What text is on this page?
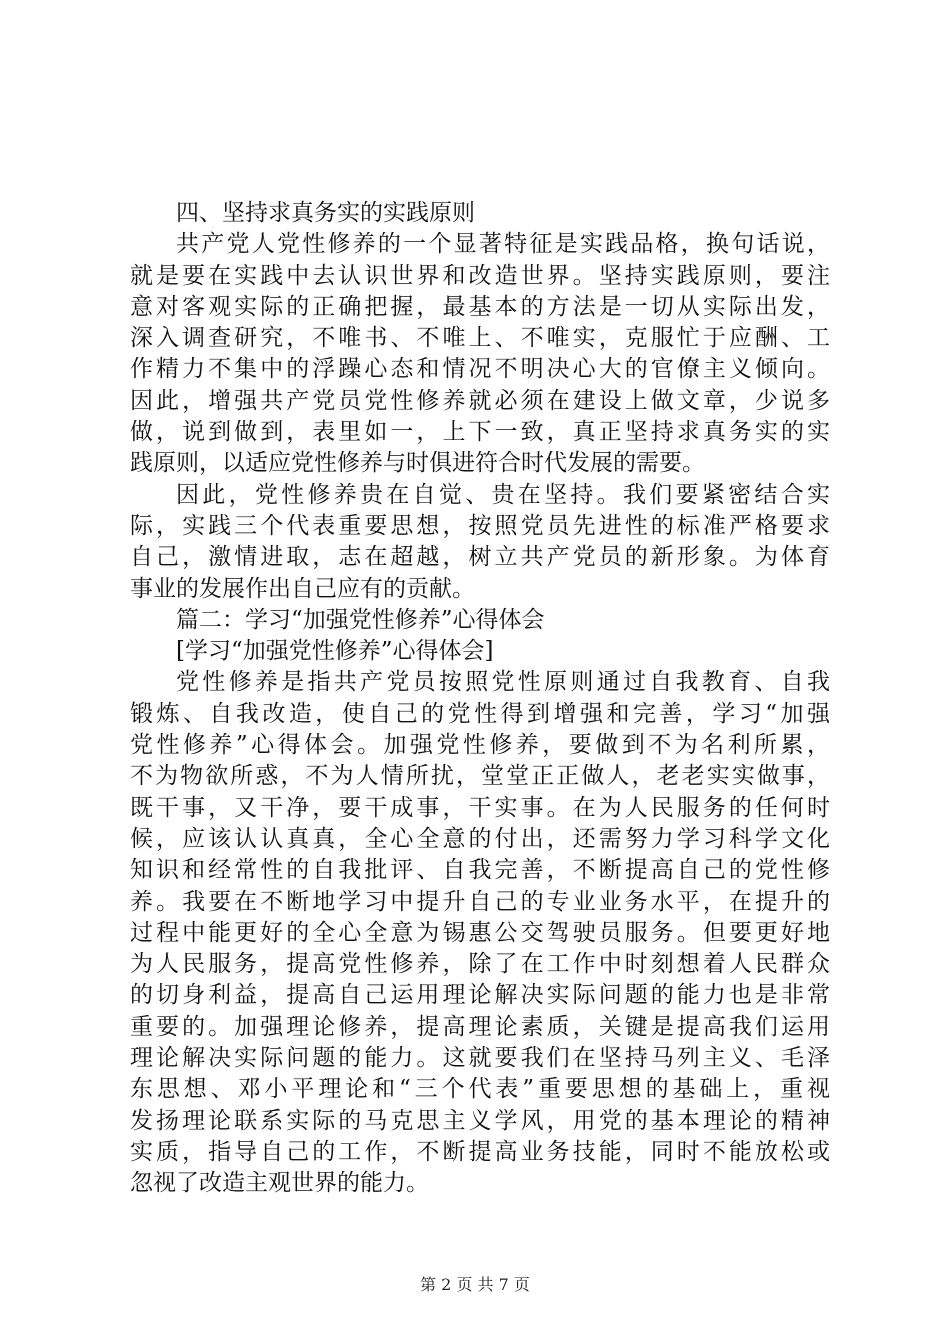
四、坚持求真务实的实践原则
共产党人党性修养的一个显著特征是实践品格，换句话说，
就是要在实践中去认识世界和改造世界。坚持实践原则，要注
意对客观实际的正确把握，最基本的方法是一切从实际出发，
深入调查研究，不唯书、不唯上、不唯实，克服忙于应酬、工
作精力不集中的浮躁心态和情况不明决心大的官僚主义倾向。
因此，增强共产党员党性修养就必须在建设上做文章，少说多
做，说到做到，表里如一，上下一致，真正坚持求真务实的实
践原则，以适应党性修养与时俱进符合时代发展的需要。
因此，党性修养贵在自觉、贵在坚持。我们要紧密结合实
际，实践三个代表重要思想，按照党员先进性的标准严格要求
自己，激情进取，志在超越，树立共产党员的新形象。为体育
事业的发展作出自己应有的贡献。
篇二：学习“加强党性修养”心得体会
[学习“加强党性修养”心得体会]
党性修养是指共产党员按照党性原则通过自我教育、自我
锻炼、自我改造，使自己的党性得到增强和完善，学习“加强
党性修养”心得体会。加强党性修养，要做到不为名利所累，
不为物欲所惑，不为人情所扰，堂堂正正做人，老老实实做事，
既干事，又干净，要干成事，干实事。在为人民服务的任何时
候，应该认认真真，全心全意的付出，还需努力学习科学文化
知识和经常性的自我批评、自我完善，不断提高自己的党性修
养。我要在不断地学习中提升自己的专业业务水平，在提升的
过程中能更好的全心全意为锡惠公交驾驶员服务。但要更好地
为人民服务，提高党性修养，除了在工作中时刻想着人民群众
的切身利益，提高自己运用理论解决实际问题的能力也是非常
重要的。加强理论修养，提高理论素质，关键是提高我们运用
理论解决实际问题的能力。这就要我们在坚持马列主义、毛泽
东思想、邓小平理论和“三个代表”重要思想的基础上，重视
发扬理论联系实际的马克思主义学风，用党的基本理论的精神
实质，指导自己的工作，不断提高业务技能，同时不能放松或
忽视了改造主观世界的能力。
第 2 页 共 7 页
